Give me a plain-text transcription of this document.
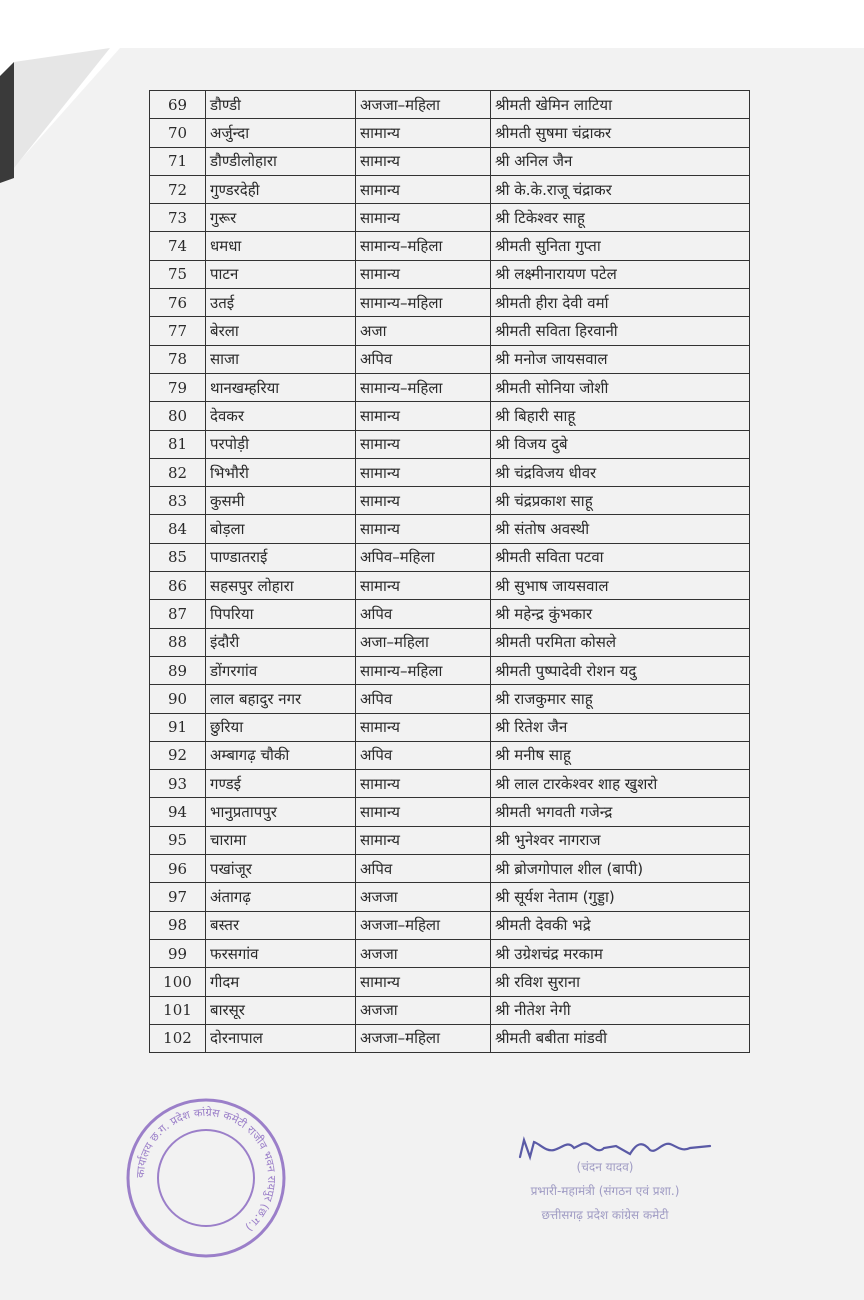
69	डौण्डी	अजजा–महिला	श्रीमती खेमिन लाटिया
70	अर्जुन्दा	सामान्य	श्रीमती सुषमा चंद्राकर
71	डौण्डीलोहारा	सामान्य	श्री अनिल जैन
72	गुण्डरदेही	सामान्य	श्री के.के.राजू चंद्राकर
73	गुरूर	सामान्य	श्री टिकेश्वर साहू
74	धमधा	सामान्य–महिला	श्रीमती सुनिता गुप्ता
75	पाटन	सामान्य	श्री लक्ष्मीनारायण पटेल
76	उतई	सामान्य–महिला	श्रीमती हीरा देवी वर्मा
77	बेरला	अजा	श्रीमती सविता हिरवानी
78	साजा	अपिव	श्री मनोज जायसवाल
79	थानखम्हरिया	सामान्य–महिला	श्रीमती सोनिया जोशी
80	देवकर	सामान्य	श्री बिहारी साहू
81	परपोड़ी	सामान्य	श्री विजय दुबे
82	भिभौरी	सामान्य	श्री चंद्रविजय धीवर
83	कुसमी	सामान्य	श्री चंद्रप्रकाश साहू
84	बोड़ला	सामान्य	श्री संतोष अवस्थी
85	पाण्डातराई	अपिव–महिला	श्रीमती सविता पटवा
86	सहसपुर लोहारा	सामान्य	श्री सुभाष जायसवाल
87	पिपरिया	अपिव	श्री महेन्द्र कुंभकार
88	इंदौरी	अजा–महिला	श्रीमती परमिता कोसले
89	डोंगरगांव	सामान्य–महिला	श्रीमती पुष्पादेवी रोशन यदु
90	लाल बहादुर नगर	अपिव	श्री राजकुमार साहू
91	छुरिया	सामान्य	श्री रितेश जैन
92	अम्बागढ़ चौकी	अपिव	श्री मनीष साहू
93	गण्डई	सामान्य	श्री लाल टारकेश्वर शाह खुशरो
94	भानुप्रतापपुर	सामान्य	श्रीमती भगवती गजेन्द्र
95	चारामा	सामान्य	श्री भुनेश्वर नागराज
96	पखांजूर	अपिव	श्री ब्रोजगोपाल शील (बापी)
97	अंतागढ़	अजजा	श्री सूर्यश नेताम (गुड्डा)
98	बस्तर	अजजा–महिला	श्रीमती देवकी भद्रे
99	फरसगांव	अजजा	श्री उग्रेशचंद्र मरकाम
100	गीदम	सामान्य	श्री रविश सुराना
101	बारसूर	अजजा	श्री नीतेश नेगी
102	दोरनापाल	अजजा–महिला	श्रीमती बबीता मांडवी
कार्यालय छ.ग. प्रदेश कांग्रेस कमेटी राजीव भवन रायपुर (छ.ग.)
(चंदन यादव)
प्रभारी-महामंत्री (संगठन एवं प्रशा.)
छत्तीसगढ़ प्रदेश कांग्रेस कमेटी
